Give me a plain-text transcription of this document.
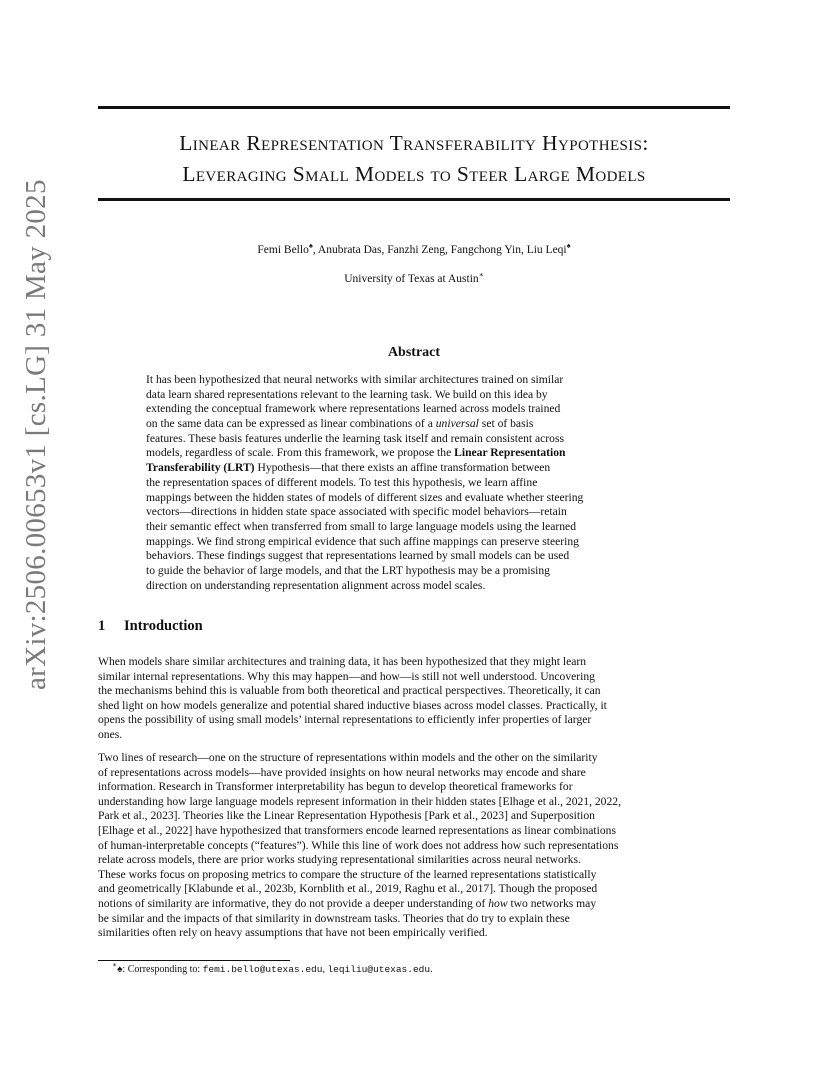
arXiv:2506.00653v1 [cs.LG] 31 May 2025
Linear Representation Transferability Hypothesis:
Leveraging Small Models to Steer Large Models
Femi Bello♠, Anubrata Das, Fanzhi Zeng, Fangchong Yin, Liu Leqi♠
University of Texas at Austin∗
Abstract
It has been hypothesized that neural networks with similar architectures trained on similar
data learn shared representations relevant to the learning task. We build on this idea by
extending the conceptual framework where representations learned across models trained
on the same data can be expressed as linear combinations of a universal set of basis
features. These basis features underlie the learning task itself and remain consistent across
models, regardless of scale. From this framework, we propose the Linear Representation
Transferability (LRT) Hypothesis—that there exists an affine transformation between
the representation spaces of different models. To test this hypothesis, we learn affine
mappings between the hidden states of models of different sizes and evaluate whether steering
vectors—directions in hidden state space associated with specific model behaviors—retain
their semantic effect when transferred from small to large language models using the learned
mappings. We find strong empirical evidence that such affine mappings can preserve steering
behaviors. These findings suggest that representations learned by small models can be used
to guide the behavior of large models, and that the LRT hypothesis may be a promising
direction on understanding representation alignment across model scales.
1 Introduction
When models share similar architectures and training data, it has been hypothesized that they might learn
similar internal representations. Why this may happen—and how—is still not well understood. Uncovering
the mechanisms behind this is valuable from both theoretical and practical perspectives. Theoretically, it can
shed light on how models generalize and potential shared inductive biases across model classes. Practically, it
opens the possibility of using small models’ internal representations to efficiently infer properties of larger
ones.
Two lines of research—one on the structure of representations within models and the other on the similarity
of representations across models—have provided insights on how neural networks may encode and share
information. Research in Transformer interpretability has begun to develop theoretical frameworks for
understanding how large language models represent information in their hidden states [Elhage et al., 2021, 2022,
Park et al., 2023]. Theories like the Linear Representation Hypothesis [Park et al., 2023] and Superposition
[Elhage et al., 2022] have hypothesized that transformers encode learned representations as linear combinations
of human-interpretable concepts (“features”). While this line of work does not address how such representations
relate across models, there are prior works studying representational similarities across neural networks.
These works focus on proposing metrics to compare the structure of the learned representations statistically
and geometrically [Klabunde et al., 2023b, Kornblith et al., 2019, Raghu et al., 2017]. Though the proposed
notions of similarity are informative, they do not provide a deeper understanding of how two networks may
be similar and the impacts of that similarity in downstream tasks. Theories that do try to explain these
similarities often rely on heavy assumptions that have not been empirically verified.
∗♠: Corresponding to: femi.bello@utexas.edu, leqiliu@utexas.edu.
